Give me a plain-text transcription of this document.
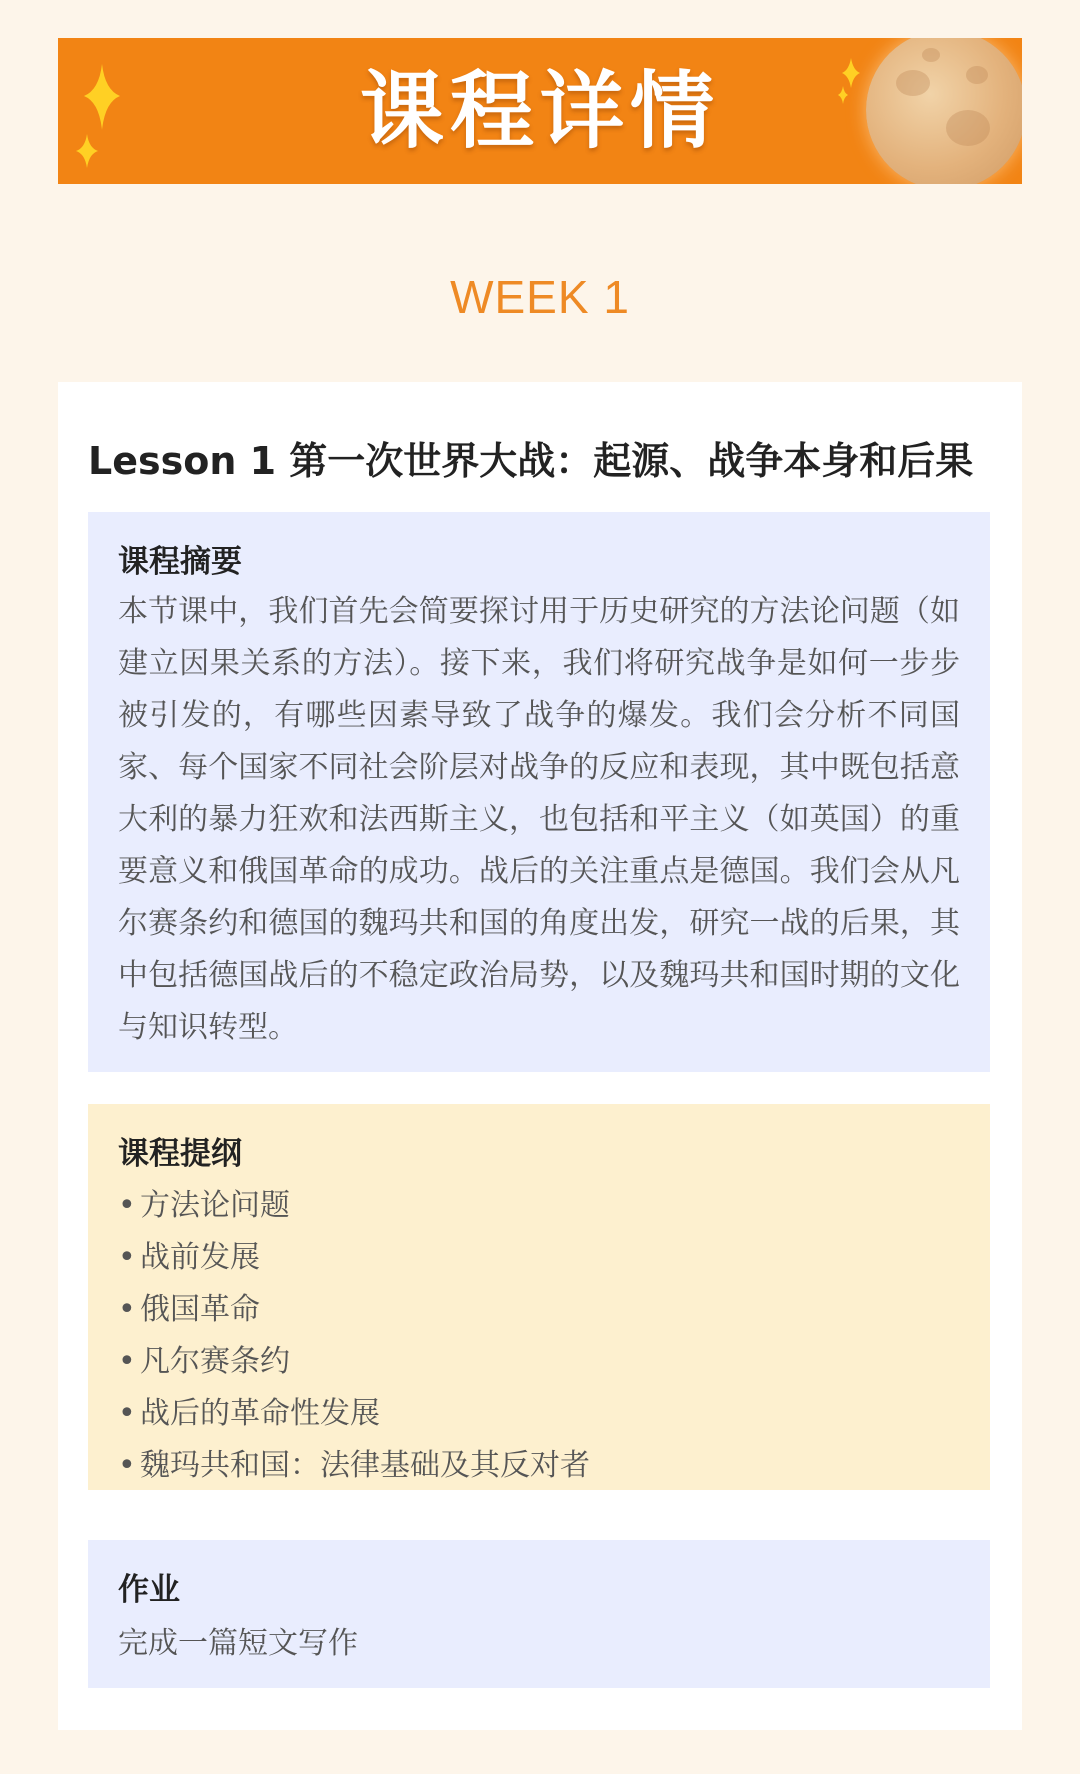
课程详情
WEEK 1
Lesson 1 第一次世界大战：起源、战争本身和后果
课程摘要

本节课中，我们首先会简要探讨用于历史研究的方法论问题（如建立因果关系的方法）。接下来，我们将研究战争是如何一步步被引发的，有哪些因素导致了战争的爆发。我们会分析不同国家、每个国家不同社会阶层对战争的反应和表现，其中既包括意大利的暴力狂欢和法西斯主义，也包括和平主义（如英国）的重要意义和俄国革命的成功。战后的关注重点是德国。我们会从凡尔赛条约和德国的魏玛共和国的角度出发，研究一战的后果，其中包括德国战后的不稳定政治局势，以及魏玛共和国时期的文化与知识转型。

课程提纲
• 方法论问题
• 战前发展
• 俄国革命
• 凡尔赛条约
• 战后的革命性发展
• 魏玛共和国：法律基础及其反对者
作业

完成一篇短文写作
